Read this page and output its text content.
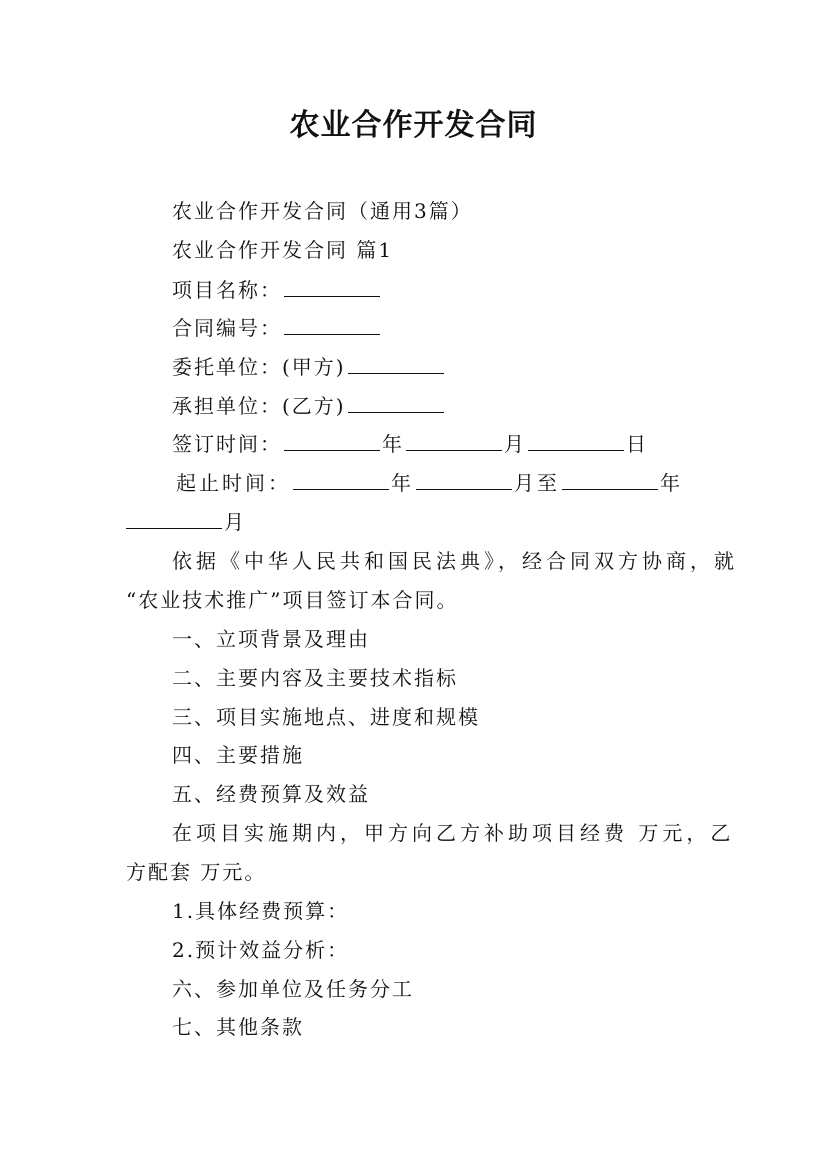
农业合作开发合同
农业合作开发合同（通用3篇）
农业合作开发合同 篇1
项目名称：
合同编号：
委托单位：(甲方)
承担单位：(乙方)
签订时间：	年	月	日
起止时间：	年	月至	年
月
依据《中华人民共和国民法典》，经合同双方协商，就
“农业技术推广”项目签订本合同。
一、立项背景及理由
二、主要内容及主要技术指标
三、项目实施地点、进度和规模
四、主要措施
五、经费预算及效益
在项目实施期内，甲方向乙方补助项目经费 万元，乙
方配套 万元。
1.具体经费预算：
2.预计效益分析：
六、参加单位及任务分工
七、其他条款
